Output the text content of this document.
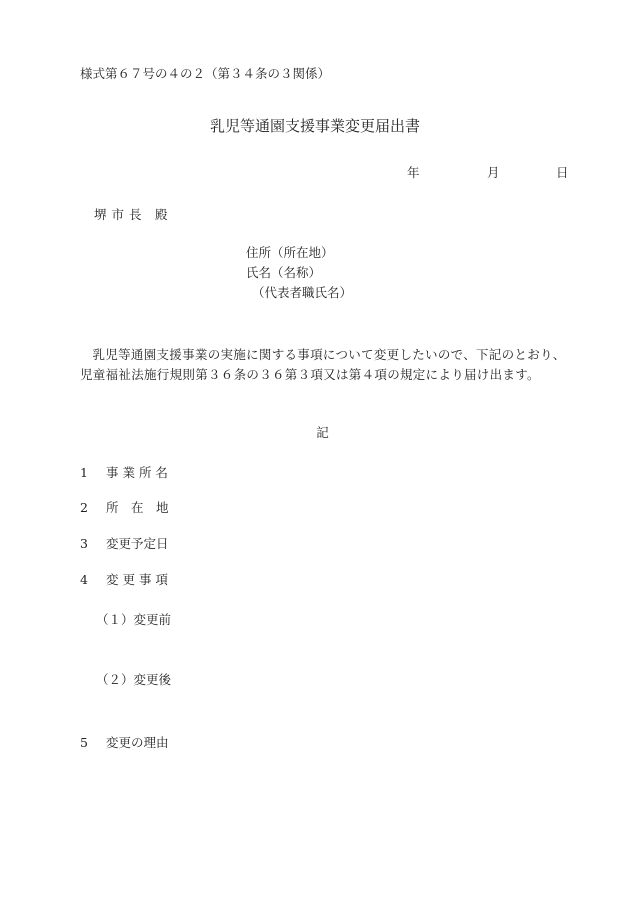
様式第６７号の４の２（第３４条の３関係）
乳児等通園支援事業変更届出書
年	月	日
堺 市 長　殿
住所（所在地）
氏名（名称）
（代表者職氏名）
乳児等通園支援事業の実施に関する事項について変更したいので、下記のとおり、児童福祉法施行規則第３６条の３６第３項又は第４項の規定により届け出ます。
記
1 事 業 所 名
2 所　在　地
3 変更予定日
4 変 更 事 項
（１）変更前
（２）変更後
5 変更の理由
